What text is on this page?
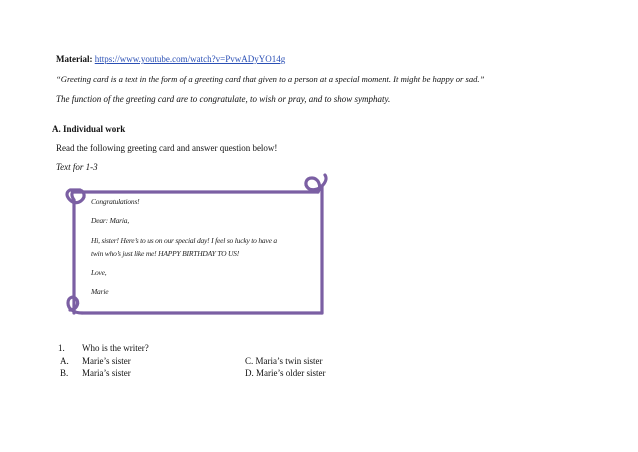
Material: https://www.youtube.com/watch?v=PvwADyYO14g
“Greeting card is a text in the form of a greeting card that given to a person at a special moment. It might be happy or sad.”
The function of the greeting card are to congratulate, to wish or pray, and to show symphaty.
A. Individual work
Read the following greeting card and answer question below!
Text for 1-3
Congratulations!
Dear: Maria,
Hi, sister! Here’s to us on our special day! I feel so lucky to have a
twin who’s just like me! HAPPY BIRTHDAY TO US!
Love,
Marie
1. Who is the writer?
A. Marie’s sister
B. Maria’s sister
C. Maria’s twin sister
D. Marie’s older sister
